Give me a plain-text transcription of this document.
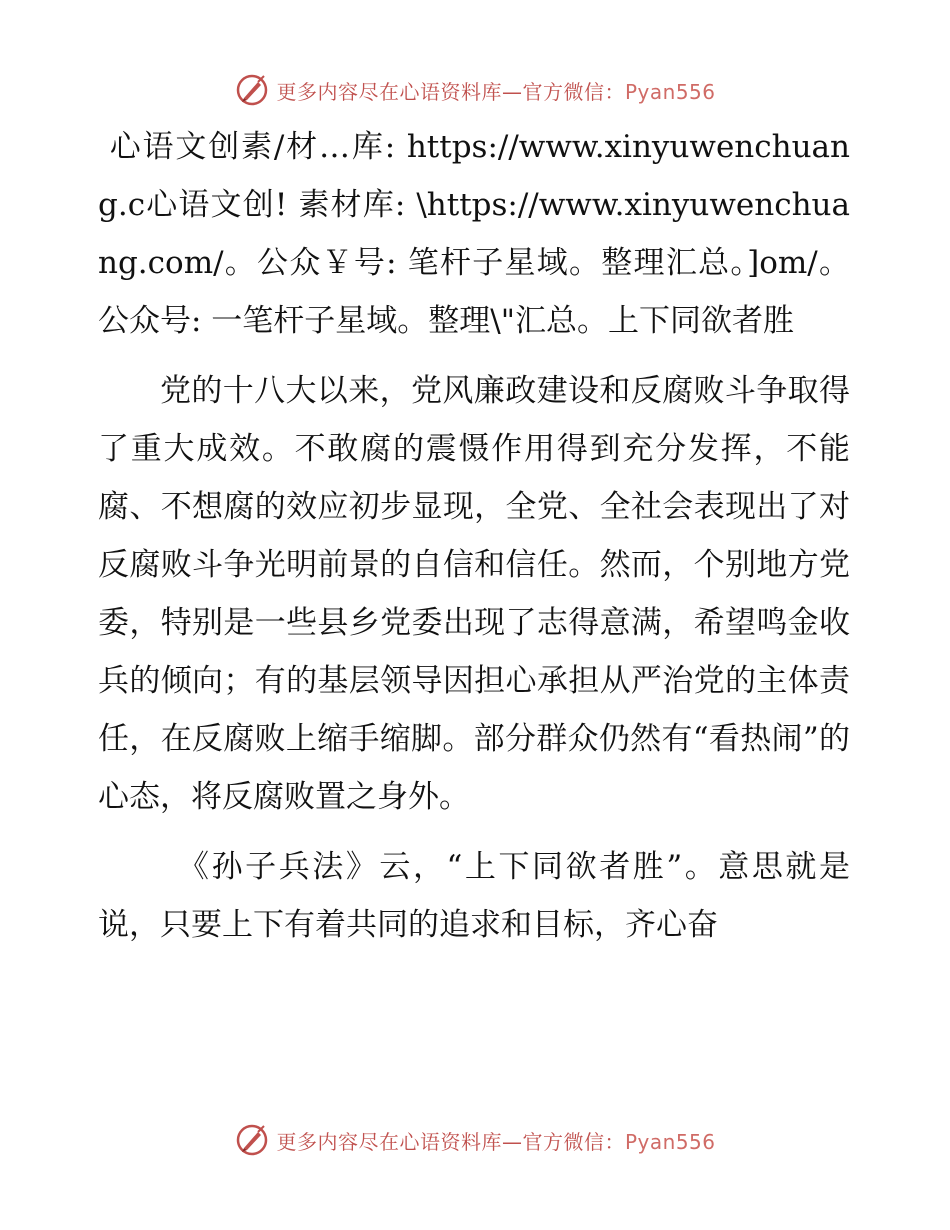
更多内容尽在心语资料库—官方微信：Pyan556

心语文创素/材…库: https://www.xinyuwenchuang.c心语文创! 素材库: \https://www.xinyuwenchuang.com/。公众￥号: 笔杆子星域。整理汇总。]om/。公众号: 一笔杆子星域。整理\"汇总。上下同欲者胜

党的十八大以来，党风廉政建设和反腐败斗争取得了重大成效。不敢腐的震慑作用得到充分发挥，不能腐、不想腐的效应初步显现，全党、全社会表现出了对反腐败斗争光明前景的自信和信任。然而，个别地方党委，特别是一些县乡党委出现了志得意满，希望鸣金收兵的倾向；有的基层领导因担心承担从严治党的主体责任，在反腐败上缩手缩脚。部分群众仍然有“看热闹”的心态，将反腐败置之身外。

《孙子兵法》云，“上下同欲者胜”。意思就是说，只要上下有着共同的追求和目标，齐心奋

更多内容尽在心语资料库—官方微信：Pyan556
